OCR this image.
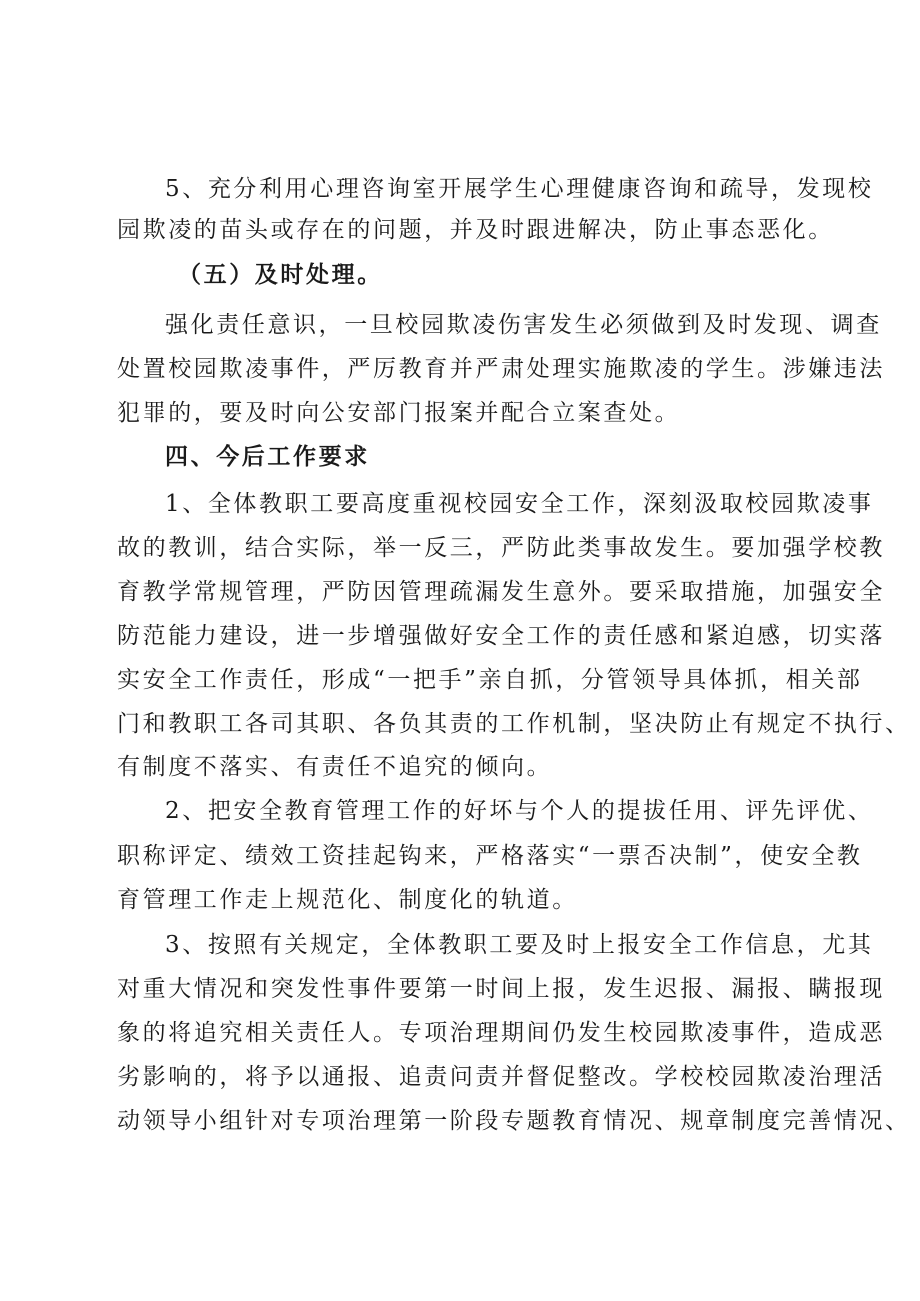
5、充分利用心理咨询室开展学生心理健康咨询和疏导，发现校
园欺凌的苗头或存在的问题，并及时跟进解决，防止事态恶化。
（五）及时处理。
强化责任意识，一旦校园欺凌伤害发生必须做到及时发现、调查
处置校园欺凌事件，严厉教育并严肃处理实施欺凌的学生。涉嫌违法
犯罪的，要及时向公安部门报案并配合立案查处。
四、今后工作要求
1、全体教职工要高度重视校园安全工作，深刻汲取校园欺凌事
故的教训，结合实际，举一反三，严防此类事故发生。要加强学校教
育教学常规管理，严防因管理疏漏发生意外。要采取措施，加强安全
防范能力建设，进一步增强做好安全工作的责任感和紧迫感，切实落
实安全工作责任，形成“一把手”亲自抓，分管领导具体抓，相关部
门和教职工各司其职、各负其责的工作机制，坚决防止有规定不执行、
有制度不落实、有责任不追究的倾向。
2、把安全教育管理工作的好坏与个人的提拔任用、评先评优、
职称评定、绩效工资挂起钩来，严格落实“一票否决制”，使安全教
育管理工作走上规范化、制度化的轨道。
3、按照有关规定，全体教职工要及时上报安全工作信息，尤其
对重大情况和突发性事件要第一时间上报，发生迟报、漏报、瞒报现
象的将追究相关责任人。专项治理期间仍发生校园欺凌事件，造成恶
劣影响的，将予以通报、追责问责并督促整改。学校校园欺凌治理活
动领导小组针对专项治理第一阶段专题教育情况、规章制度完善情况、
